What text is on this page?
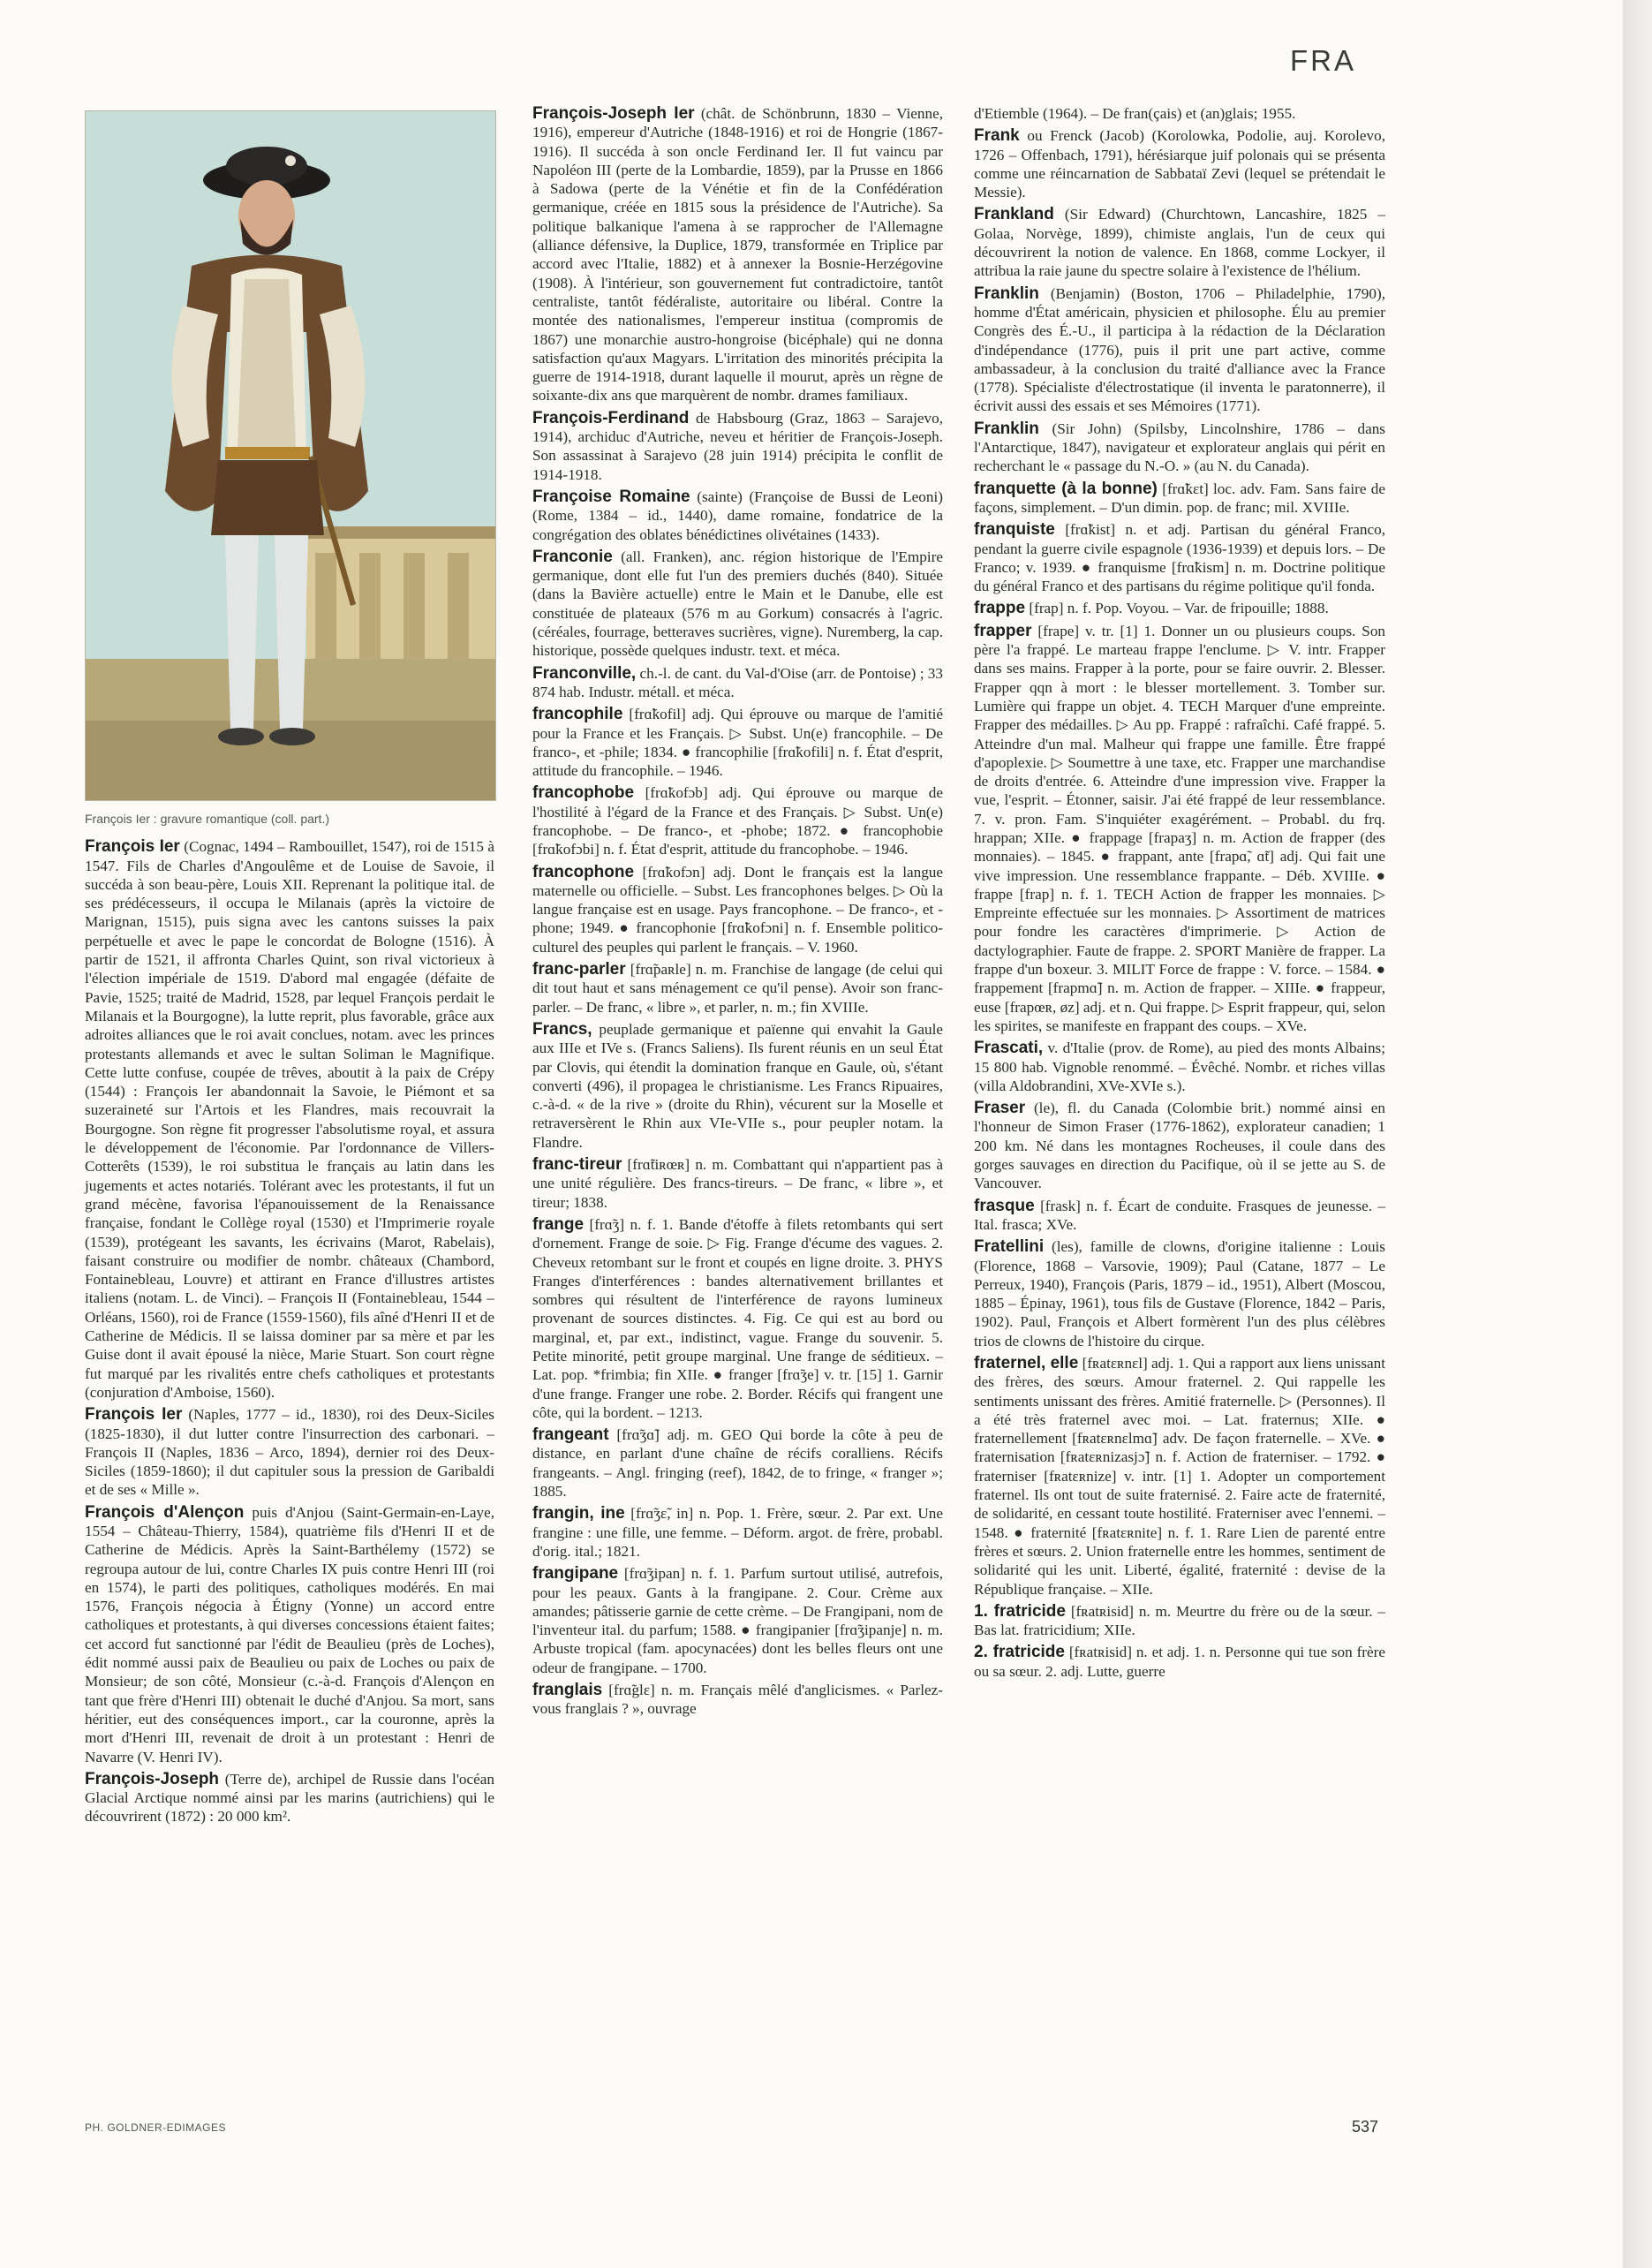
FRA
François Ier : gravure romantique (coll. part.)

François Ier (Cognac, 1494 – Rambouillet, 1547), roi de 1515 à 1547. Fils de Charles d'Angoulême et de Louise de Savoie, il succéda à son beau-père, Louis XII. Reprenant la politique ital. de ses prédécesseurs, il occupa le Milanais (après la victoire de Marignan, 1515), puis signa avec les cantons suisses la paix perpétuelle et avec le pape le concordat de Bologne (1516). À partir de 1521, il affronta Charles Quint, son rival victorieux à l'élection impériale de 1519. D'abord mal engagée (défaite de Pavie, 1525; traité de Madrid, 1528, par lequel François perdait le Milanais et la Bourgogne), la lutte reprit, plus favorable, grâce aux adroites alliances que le roi avait conclues, notam. avec les princes protestants allemands et avec le sultan Soliman le Magnifique. Cette lutte confuse, coupée de trêves, aboutit à la paix de Crépy (1544) : François Ier abandonnait la Savoie, le Piémont et sa suzeraineté sur l'Artois et les Flandres, mais recouvrait la Bourgogne. Son règne fit progresser l'absolutisme royal, et assura le développement de l'économie. Par l'ordonnance de Villers-Cotterêts (1539), le roi substitua le français au latin dans les jugements et actes notariés. Tolérant avec les protestants, il fut un grand mécène, favorisa l'épanouissement de la Renaissance française, fondant le Collège royal (1530) et l'Imprimerie royale (1539), protégeant les savants, les écrivains (Marot, Rabelais), faisant construire ou modifier de nombr. châteaux (Chambord, Fontainebleau, Louvre) et attirant en France d'illustres artistes italiens (notam. L. de Vinci). – François II (Fontainebleau, 1544 – Orléans, 1560), roi de France (1559-1560), fils aîné d'Henri II et de Catherine de Médicis. Il se laissa dominer par sa mère et par les Guise dont il avait épousé la nièce, Marie Stuart. Son court règne fut marqué par les rivalités entre chefs catholiques et protestants (conjuration d'Amboise, 1560).

François Ier (Naples, 1777 – id., 1830), roi des Deux-Siciles (1825-1830), il dut lutter contre l'insurrection des carbonari. – François II (Naples, 1836 – Arco, 1894), dernier roi des Deux-Siciles (1859-1860); il dut capituler sous la pression de Garibaldi et de ses « Mille ».

François d'Alençon puis d'Anjou (Saint-Germain-en-Laye, 1554 – Château-Thierry, 1584), quatrième fils d'Henri II et de Catherine de Médicis. Après la Saint-Barthélemy (1572) se regroupa autour de lui, contre Charles IX puis contre Henri III (roi en 1574), le parti des politiques, catholiques modérés. En mai 1576, François négocia à Étigny (Yonne) un accord entre catholiques et protestants, à qui diverses concessions étaient faites; cet accord fut sanctionné par l'édit de Beaulieu (près de Loches), édit nommé aussi paix de Beaulieu ou paix de Loches ou paix de Monsieur; de son côté, Monsieur (c.-à-d. François d'Alençon en tant que frère d'Henri III) obtenait le duché d'Anjou. Sa mort, sans héritier, eut des conséquences import., car la couronne, après la mort d'Henri III, revenait de droit à un protestant : Henri de Navarre (V. Henri IV).

François-Joseph (Terre de), archipel de Russie dans l'océan Glacial Arctique nommé ainsi par les marins (autrichiens) qui le découvrirent (1872) : 20 000 km².

François-Joseph Ier (chât. de Schönbrunn, 1830 – Vienne, 1916), empereur d'Autriche (1848-1916) et roi de Hongrie (1867-1916). Il succéda à son oncle Ferdinand Ier. Il fut vaincu par Napoléon III (perte de la Lombardie, 1859), par la Prusse en 1866 à Sadowa (perte de la Vénétie et fin de la Confédération germanique, créée en 1815 sous la présidence de l'Autriche). Sa politique balkanique l'amena à se rapprocher de l'Allemagne (alliance défensive, la Duplice, 1879, transformée en Triplice par accord avec l'Italie, 1882) et à annexer la Bosnie-Herzégovine (1908). À l'intérieur, son gouvernement fut contradictoire, tantôt centraliste, tantôt fédéraliste, autoritaire ou libéral. Contre la montée des nationalismes, l'empereur institua (compromis de 1867) une monarchie austro-hongroise (bicéphale) qui ne donna satisfaction qu'aux Magyars. L'irritation des minorités précipita la guerre de 1914-1918, durant laquelle il mourut, après un règne de soixante-dix ans que marquèrent de nombr. drames familiaux.

François-Ferdinand de Habsbourg (Graz, 1863 – Sarajevo, 1914), archiduc d'Autriche, neveu et héritier de François-Joseph. Son assassinat à Sarajevo (28 juin 1914) précipita le conflit de 1914-1918.

Françoise Romaine (sainte) (Françoise de Bussi de Leoni) (Rome, 1384 – id., 1440), dame romaine, fondatrice de la congrégation des oblates bénédictines olivétaines (1433).

Franconie (all. Franken), anc. région historique de l'Empire germanique, dont elle fut l'un des premiers duchés (840). Située (dans la Bavière actuelle) entre le Main et le Danube, elle est constituée de plateaux (576 m au Gorkum) consacrés à l'agric. (céréales, fourrage, betteraves sucrières, vigne). Nuremberg, la cap. historique, possède quelques industr. text. et méca.

Franconville, ch.-l. de cant. du Val-d'Oise (arr. de Pontoise) ; 33 874 hab. Industr. métall. et méca.

francophile [frɑ̃kofil] adj. Qui éprouve ou marque de l'amitié pour la France et les Français. ▷ Subst. Un(e) francophile. – De franco-, et -phile; 1834. ● francophilie [frɑ̃kofili] n. f. État d'esprit, attitude du francophile. – 1946.

francophobe [frɑ̃kofɔb] adj. Qui éprouve ou marque de l'hostilité à l'égard de la France et des Français. ▷ Subst. Un(e) francophobe. – De franco-, et -phobe; 1872. ● francophobie [frɑ̃kofɔbi] n. f. État d'esprit, attitude du francophobe. – 1946.

francophone [frɑ̃kofɔn] adj. Dont le français est la langue maternelle ou officielle. – Subst. Les francophones belges. ▷ Où la langue française est en usage. Pays francophone. – De franco-, et -phone; 1949. ● francophonie [frɑ̃kofɔni] n. f. Ensemble politico-culturel des peuples qui parlent le français. – V. 1960.

franc-parler [frɑ̃paʀle] n. m. Franchise de langage (de celui qui dit tout haut et sans ménagement ce qu'il pense). Avoir son franc-parler. – De franc, « libre », et parler, n. m.; fin XVIIIe.

Francs, peuplade germanique et païenne qui envahit la Gaule aux IIIe et IVe s. (Francs Saliens). Ils furent réunis en un seul État par Clovis, qui étendit la domination franque en Gaule, où, s'étant converti (496), il propagea le christianisme. Les Francs Ripuaires, c.-à-d. « de la rive » (droite du Rhin), vécurent sur la Moselle et retraversèrent le Rhin aux VIe-VIIe s., pour peupler notam. la Flandre.

franc-tireur [frɑ̃tiʀœʀ] n. m. Combattant qui n'appartient pas à une unité régulière. Des francs-tireurs. – De franc, « libre », et tireur; 1838.

frange [frɑ̃ʒ] n. f. 1. Bande d'étoffe à filets retombants qui sert d'ornement. Frange de soie. ▷ Fig. Frange d'écume des vagues. 2. Cheveux retombant sur le front et coupés en ligne droite. 3. PHYS Franges d'interférences : bandes alternativement brillantes et sombres qui résultent de l'interférence de rayons lumineux provenant de sources distinctes. 4. Fig. Ce qui est au bord ou marginal, et, par ext., indistinct, vague. Frange du souvenir. 5. Petite minorité, petit groupe marginal. Une frange de séditieux. – Lat. pop. *frimbia; fin XIIe. ● franger [frɑ̃ʒe] v. tr. [15] 1. Garnir d'une frange. Franger une robe. 2. Border. Récifs qui frangent une côte, qui la bordent. – 1213.

frangeant [frɑ̃ʒɑ̃] adj. m. GEO Qui borde la côte à peu de distance, en parlant d'une chaîne de récifs coralliens. Récifs frangeants. – Angl. fringing (reef), 1842, de to fringe, « franger »; 1885.

frangin, ine [frɑ̃ʒɛ̃, in] n. Pop. 1. Frère, sœur. 2. Par ext. Une frangine : une fille, une femme. – Déform. argot. de frère, probabl. d'orig. ital.; 1821.

frangipane [frɑ̃ʒipan] n. f. 1. Parfum surtout utilisé, autrefois, pour les peaux. Gants à la frangipane. 2. Cour. Crème aux amandes; pâtisserie garnie de cette crème. – De Frangipani, nom de l'inventeur ital. du parfum; 1588. ● frangipanier [frɑ̃ʒipanje] n. m. Arbuste tropical (fam. apocynacées) dont les belles fleurs ont une odeur de frangipane. – 1700.

franglais [frɑ̃glɛ] n. m. Français mêlé d'anglicismes. « Parlez-vous franglais ? », ouvrage

d'Etiemble (1964). – De fran(çais) et (an)glais; 1955.

Frank ou Frenck (Jacob) (Korolowka, Podolie, auj. Korolevo, 1726 – Offenbach, 1791), hérésiarque juif polonais qui se présenta comme une réincarnation de Sabbataï Zevi (lequel se prétendait le Messie).

Frankland (Sir Edward) (Churchtown, Lancashire, 1825 – Golaa, Norvège, 1899), chimiste anglais, l'un de ceux qui découvrirent la notion de valence. En 1868, comme Lockyer, il attribua la raie jaune du spectre solaire à l'existence de l'hélium.

Franklin (Benjamin) (Boston, 1706 – Philadelphie, 1790), homme d'État américain, physicien et philosophe. Élu au premier Congrès des É.-U., il participa à la rédaction de la Déclaration d'indépendance (1776), puis il prit une part active, comme ambassadeur, à la conclusion du traité d'alliance avec la France (1778). Spécialiste d'électrostatique (il inventa le paratonnerre), il écrivit aussi des essais et ses Mémoires (1771).

Franklin (Sir John) (Spilsby, Lincolnshire, 1786 – dans l'Antarctique, 1847), navigateur et explorateur anglais qui périt en recherchant le « passage du N.-O. » (au N. du Canada).

franquette (à la bonne) [frɑ̃kɛt] loc. adv. Fam. Sans faire de façons, simplement. – D'un dimin. pop. de franc; mil. XVIIIe.

franquiste [frɑ̃kist] n. et adj. Partisan du général Franco, pendant la guerre civile espagnole (1936-1939) et depuis lors. – De Franco; v. 1939. ● franquisme [frɑ̃kism] n. m. Doctrine politique du général Franco et des partisans du régime politique qu'il fonda.

frappe [frap] n. f. Pop. Voyou. – Var. de fripouille; 1888.

frapper [frape] v. tr. [1] 1. Donner un ou plusieurs coups. Son père l'a frappé. Le marteau frappe l'enclume. ▷ V. intr. Frapper dans ses mains. Frapper à la porte, pour se faire ouvrir. 2. Blesser. Frapper qqn à mort : le blesser mortellement. 3. Tomber sur. Lumière qui frappe un objet. 4. TECH Marquer d'une empreinte. Frapper des médailles. ▷ Au pp. Frappé : rafraîchi. Café frappé. 5. Atteindre d'un mal. Malheur qui frappe une famille. Être frappé d'apoplexie. ▷ Soumettre à une taxe, etc. Frapper une marchandise de droits d'entrée. 6. Atteindre d'une impression vive. Frapper la vue, l'esprit. – Étonner, saisir. J'ai été frappé de leur ressemblance. 7. v. pron. Fam. S'inquiéter exagérément. – Probabl. du frq. hrappan; XIIe. ● frappage [frapaʒ] n. m. Action de frapper (des monnaies). – 1845. ● frappant, ante [frapɑ̃, ɑ̃t] adj. Qui fait une vive impression. Une ressemblance frappante. – Déb. XVIIIe. ● frappe [frap] n. f. 1. TECH Action de frapper les monnaies. ▷ Empreinte effectuée sur les monnaies. ▷ Assortiment de matrices pour fondre les caractères d'imprimerie. ▷ Action de dactylographier. Faute de frappe. 2. SPORT Manière de frapper. La frappe d'un boxeur. 3. MILIT Force de frappe : V. force. – 1584. ● frappement [frapmɑ̃] n. m. Action de frapper. – XIIIe. ● frappeur, euse [frapœʀ, øz] adj. et n. Qui frappe. ▷ Esprit frappeur, qui, selon les spirites, se manifeste en frappant des coups. – XVe.

Frascati, v. d'Italie (prov. de Rome), au pied des monts Albains; 15 800 hab. Vignoble renommé. – Évêché. Nombr. et riches villas (villa Aldobrandini, XVe-XVIe s.).

Fraser (le), fl. du Canada (Colombie brit.) nommé ainsi en l'honneur de Simon Fraser (1776-1862), explorateur canadien; 1 200 km. Né dans les montagnes Rocheuses, il coule dans des gorges sauvages en direction du Pacifique, où il se jette au S. de Vancouver.

frasque [frask] n. f. Écart de conduite. Frasques de jeunesse. – Ital. frasca; XVe.

Fratellini (les), famille de clowns, d'origine italienne : Louis (Florence, 1868 – Varsovie, 1909); Paul (Catane, 1877 – Le Perreux, 1940), François (Paris, 1879 – id., 1951), Albert (Moscou, 1885 – Épinay, 1961), tous fils de Gustave (Florence, 1842 – Paris, 1902). Paul, François et Albert formèrent l'un des plus célèbres trios de clowns de l'histoire du cirque.

fraternel, elle [fʀatɛʀnɛl] adj. 1. Qui a rapport aux liens unissant des frères, des sœurs. Amour fraternel. 2. Qui rappelle les sentiments unissant des frères. Amitié fraternelle. ▷ (Personnes). Il a été très fraternel avec moi. – Lat. fraternus; XIIe. ● fraternellement [fʀatɛʀnɛlmɑ̃] adv. De façon fraternelle. – XVe. ● fraternisation [fʀatɛʀnizasjɔ̃] n. f. Action de fraterniser. – 1792. ● fraterniser [fʀatɛʀnize] v. intr. [1] 1. Adopter un comportement fraternel. Ils ont tout de suite fraternisé. 2. Faire acte de fraternité, de solidarité, en cessant toute hostilité. Fraterniser avec l'ennemi. – 1548. ● fraternité [fʀatɛʀnite] n. f. 1. Rare Lien de parenté entre frères et sœurs. 2. Union fraternelle entre les hommes, sentiment de solidarité qui les unit. Liberté, égalité, fraternité : devise de la République française. – XIIe.

1. fratricide [fʀatʀisid] n. m. Meurtre du frère ou de la sœur. – Bas lat. fratricidium; XIIe.

2. fratricide [fʀatʀisid] n. et adj. 1. n. Personne qui tue son frère ou sa sœur. 2. adj. Lutte, guerre

PH. GOLDNER-EDIMAGES	537
